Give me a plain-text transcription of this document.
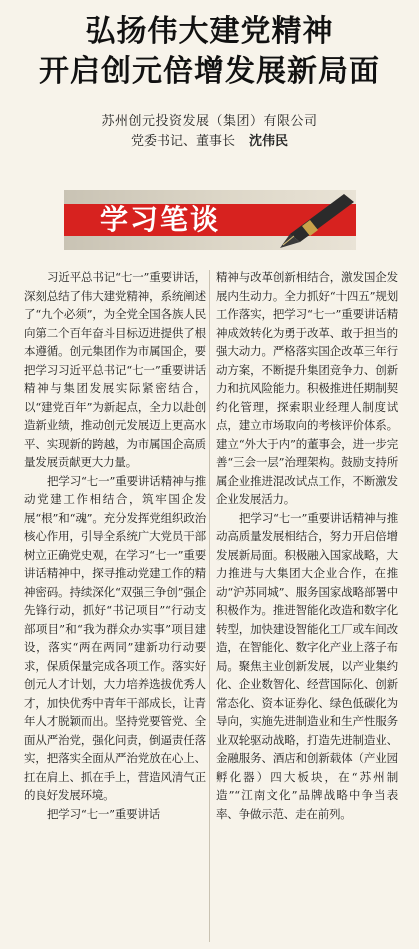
弘扬伟大建党精神
开启创元倍增发展新局面
苏州创元投资发展（集团）有限公司
党委书记、董事长 沈伟民
学习笔谈

习近平总书记“七一”重要讲话，深刻总结了伟大建党精神，系统阐述了“九个必须”，为全党全国各族人民向第二个百年奋斗目标迈进提供了根本遵循。创元集团作为市属国企，要把学习习近平总书记“七一”重要讲话精神与集团发展实际紧密结合，以“建党百年”为新起点，全力以赴创造新业绩，推动创元发展迈上更高水平、实现新的跨越，为市属国企高质量发展贡献更大力量。

把学习“七一”重要讲话精神与推动党建工作相结合，筑牢国企发展“根”和“魂”。充分发挥党组织政治核心作用，引导全系统广大党员干部树立正确党史观，在学习“七一”重要讲话精神中，探寻推动党建工作的精神密码。持续深化“双强三争创”强企先锋行动，抓好“书记项目”“行动支部项目”和“我为群众办实事”项目建设，落实“两在两同”建新功行动要求，保质保量完成各项工作。落实好创元人才计划，大力培养选拔优秀人才，加快优秀中青年干部成长，让青年人才脱颖而出。坚持党要管党、全面从严治党，强化问责，倒逼责任落实，把落实全面从严治党放在心上、扛在肩上、抓在手上，营造风清气正的良好发展环境。

把学习“七一”重要讲话

精神与改革创新相结合，激发国企发展内生动力。全力抓好“十四五”规划工作落实，把学习“七一”重要讲话精神成效转化为勇于改革、敢于担当的强大动力。严格落实国企改革三年行动方案，不断提升集团竞争力、创新力和抗风险能力。积极推进任期制契约化管理，探索职业经理人制度试点，建立市场取向的考核评价体系。建立“外大于内”的董事会，进一步完善“三会一层”治理架构。鼓励支持所属企业推进混改试点工作，不断激发企业发展活力。

把学习“七一”重要讲话精神与推动高质量发展相结合，努力开启倍增发展新局面。积极融入国家战略，大力推进与大集团大企业合作，在推动“沪苏同城”、服务国家战略部署中积极作为。推进智能化改造和数字化转型，加快建设智能化工厂或车间改造，在智能化、数字化产业上落子布局。聚焦主业创新发展，以产业集约化、企业数智化、经营国际化、创新常态化、资本证券化、绿色低碳化为导向，实施先进制造业和生产性服务业双轮驱动战略，打造先进制造业、金融服务、酒店和创新载体（产业园孵化器）四大板块，在“苏州制造”“江南文化”品牌战略中争当表率、争做示范、走在前列。
